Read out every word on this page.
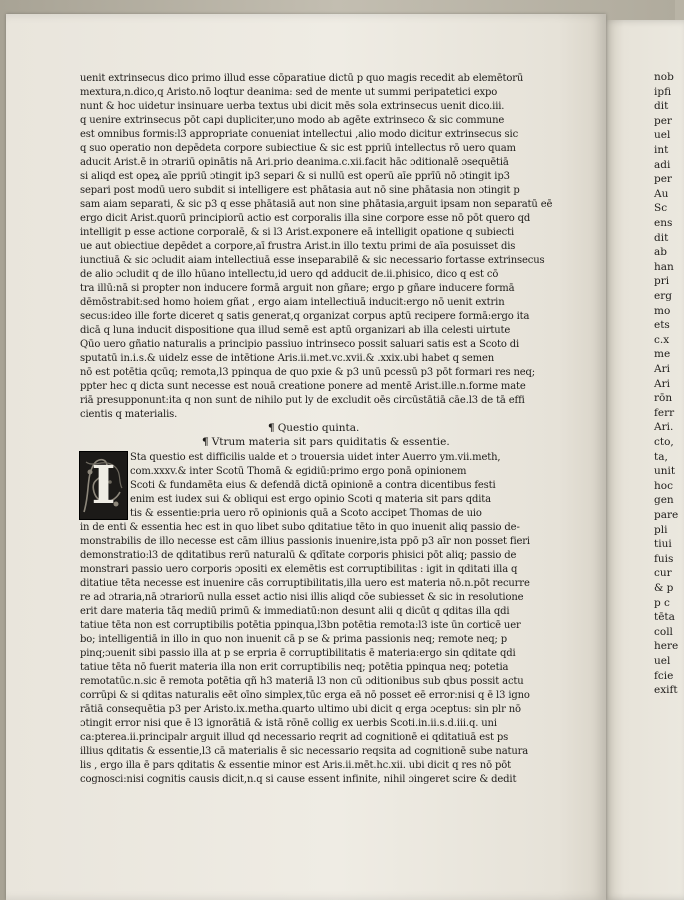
nob
ipfi
dit
per
uel
int
adi
per
Au
Sc
ens
dit
ab
han
pri
erg
mo
ets
c.x
me
Ari
Ari
rōn
ferr
Ari.
cto,
ta,
unit
hoc
gen
pare
pli
tiui
fuis
cur
& p
p c
tēta
coll
here
uel
fcie
exift
uenit extrinsecus dico primo illud esse cōparatiue dictū p quo magis recedit ab elemētorū
mextura,n.dico,q Aristo.nō loqtur deanima: sed de mente ut summi peripatetici expo
nunt & hoc uidetur insinuare uerba textus ubi dicit mēs sola extrinsecus uenit dico.iii.
q uenire extrinsecus pōt capi dupliciter,uno modo ab agēte extrinseco & sic commune
est omnibus formis:l3 appropriate conueniat intellectui ,alio modo dicitur extrinsecus sic
q suo operatio non depēdeta corpore subiectiue & sic est ppriū intellectus rō uero quam
aducit Arist.ē in ɔtrariū opinātis nā Ari.prio deanima.c.xii.facit hāc ɔditionalē ɔsequētiā
si aliqd est opeꝝ aīe ppriū ɔtingit ip3 separi & si nullū est operū aīe pprīū nō ɔtingit ip3
separi post modū uero subdit si intelligere est phātasia aut nō sine phātasia non ɔtingit p
sam aiam separati, & sic p3 q esse phātasiā aut non sine phātasia,arguit ipsam non separatū eē
ergo dicit Arist.quorū principiorū actio est corporalis illa sine corpore esse nō pōt quero qd
intelligit p esse actione corporalē, & si l3 Arist.exponere eā intelligit opatione q subiecti
ue aut obiectiue depēdet a corpore,aī frustra Arist.in illo textu primi de aīa posuisset dis
iunctiuā & sic ɔcludit aiam intellectiuā esse inseparabilē & sic necessario fortasse extrinsecus
de alio ɔcludit q de illo hūano intellectu,id uero qd adducit de.ii.phisico, dico q est cō
tra illū:nā si propter non inducere formā arguit non gñare; ergo p gñare inducere formā
dēmōstrabit:sed homo hoiem gñat , ergo aiam intellectiuā inducit:ergo nō uenit extrin
secus:ideo ille forte diceret q satis generat,q organizat corpus aptū recipere formā:ergo ita
dicā q luna inducit dispositione qua illud semē est aptū organizari ab illa celesti uirtute
Qūo uero gñatio naturalis a principio passiuo intrinseco possit saluari satis est a Scoto di
sputatū in.i.s.& uidelz esse de intētione Aris.ii.met.vc.xvii.& .xxix.ubi habet q semen
nō est potētia qcūq; remota,l3 ppinqua de quo pxie & p3 unū pcessū p3 pōt formari res neq;
ppter hec q dicta sunt necesse est nouā creatione ponere ad mentē Arist.ille.n.forme mate
riā presupponunt:ita q non sunt de nihilo put ly de excludit oēs circūstātiā cāe.l3 de tā effi
cientis q materialis.
Sta questio est difficilis ualde et ɔ trouersia uidet inter Auerro ym.vii.meth,
com.xxxv.& inter Scotū Thomā & egidiū:primo ergo ponā opinionem
Scoti & fundamēta eius & defendā dictā opinionē a contra dicentibus festi
enim est iudex sui & obliqui est ergo opinio Scoti q materia sit pars qdita
tis & essentie:pria uero rō opinionis quā a Scoto accipet Thomas de uio
in de enti & essentia hec est in quo libet subo qditatiue tēto in quo inuenit aliq passio de-
monstrabilis de illo necesse est cām illius passionis inuenire,ista ppō p3 aīr non posset fieri
demonstratio:l3 de qditatibus rerū naturalū & qdītate corporis phisici pōt aliq; passio de
monstrari passio uero corporis ɔpositi ex elemētis est corruptibilitas : igit in qditati illa q
ditatiue tēta necesse est inuenire cās corruptibilitatis,illa uero est materia nō.n.pōt recurre
re ad ɔtraria,nā ɔtrariorū nulla esset actio nisi illis aliqd cōe subiesset & sic in resolutione
erit dare materia tāq mediū primū & immediatū:non desunt alii q dicūt q qditas illa qdi
tatiue tēta non est corruptibilis potētia ppinqua,l3bn potētia remota:l3 iste ūn corticē uer
bo; intelligentiā in illo in quo non inuenit cā p se & prima passionis neq; remote neq; p
pinq;ɔuenit sibi passio illa at p se erpria ē corruptibilitatis ē materia:ergo sin qditate qdi
tatiue tēta nō fuerit materia illa non erit corruptibilis neq; potētia ppinqua neq; potetia
remotatūc.n.sic ē remota potētia qñ h3 materiā l3 non cū ɔditionibus sub qbus possit actu
corrūpi & si qditas naturalis eēt oīno simplex,tūc erga eā nō posset eē error:nisi q ē l3 igno
rātiā consequētia p3 per Aristo.ix.metha.quarto ultimo ubi dicit q erga ɔceptus: sin plr nō
ɔtingit error nisi que ē l3 ignorātiā & istā rōnē collig ex uerbis Scoti.in.ii.s.d.iii.q. uni
ca:pterea.ii.principalr arguit illud qd necessario reqrit ad cognitionē ei qditatiuā est ps
illius qditatis & essentie,l3 cā materialis ē sic necessario reqsita ad cognitionē sube natura
lis , ergo illa ē pars qditatis & essentie minor est Aris.ii.mēt.hc.xii. ubi dicit q res nō pōt
cognosci:nisi cognitis causis dicit,n.q si cause essent infinite, nihil ɔingeret scire & dedit
¶ Questio quinta.
¶ Vtrum materia sit pars quiditatis & essentie.
I
